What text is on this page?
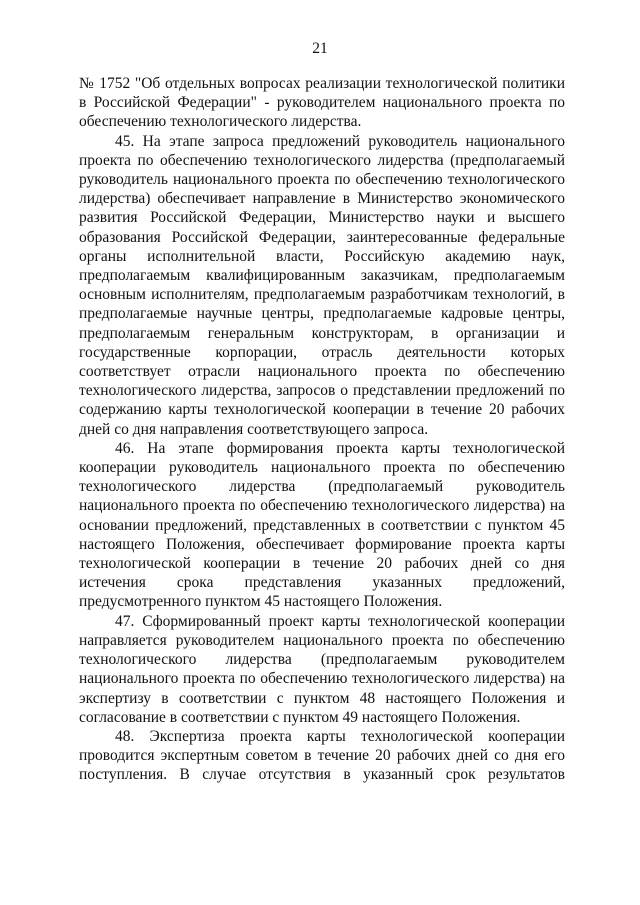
21

№ 1752 "Об отдельных вопросах реализации технологической политики в Российской Федерации" - руководителем национального проекта по обеспечению технологического лидерства.

45. На этапе запроса предложений руководитель национального проекта по обеспечению технологического лидерства (предполагаемый руководитель национального проекта по обеспечению технологического лидерства) обеспечивает направление в Министерство экономического развития Российской Федерации, Министерство науки и высшего образования Российской Федерации, заинтересованные федеральные органы исполнительной власти, Российскую академию наук, предполагаемым квалифицированным заказчикам, предполагаемым основным исполнителям, предполагаемым разработчикам технологий, в предполагаемые научные центры, предполагаемые кадровые центры, предполагаемым генеральным конструкторам, в организации и государственные корпорации, отрасль деятельности которых соответствует отрасли национального проекта по обеспечению технологического лидерства, запросов о представлении предложений по содержанию карты технологической кооперации в течение 20 рабочих дней со дня направления соответствующего запроса.

46. На этапе формирования проекта карты технологической кооперации руководитель национального проекта по обеспечению технологического лидерства (предполагаемый руководитель национального проекта по обеспечению технологического лидерства) на основании предложений, представленных в соответствии с пунктом 45 настоящего Положения, обеспечивает формирование проекта карты технологической кооперации в течение 20 рабочих дней со дня истечения срока представления указанных предложений, предусмотренного пунктом 45 настоящего Положения.

47. Сформированный проект карты технологической кооперации направляется руководителем национального проекта по обеспечению технологического лидерства (предполагаемым руководителем национального проекта по обеспечению технологического лидерства) на экспертизу в соответствии с пунктом 48 настоящего Положения и согласование в соответствии с пунктом 49 настоящего Положения.

48. Экспертиза проекта карты технологической кооперации проводится экспертным советом в течение 20 рабочих дней со дня его поступления. В случае отсутствия в указанный срок результатов
